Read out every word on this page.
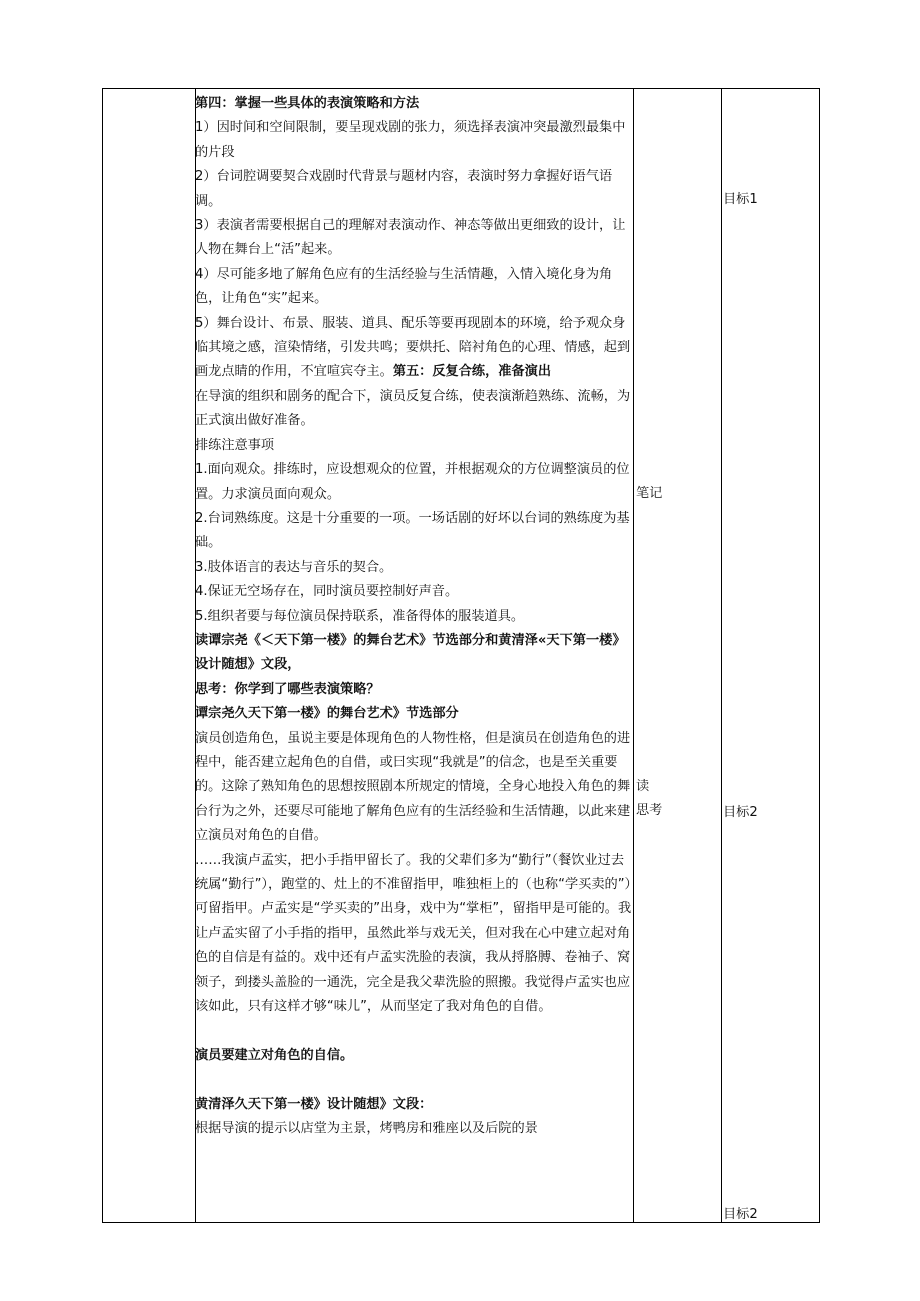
第四：掌握一些具体的表演策略和方法

1）因时间和空间限制，要呈现戏剧的张力，须选择表演冲突最激烈最集中的片段

2）台词腔调要契合戏剧时代背景与题材内容，表演时努力拿握好语气语调。

3）表演者需要根据自己的理解对表演动作、神态等做出更细致的设计，让人物在舞台上“活”起来。

4）尽可能多地了解角色应有的生活经验与生活情趣，入情入境化身为角色，让角色“实”起来。

5）舞台设计、布景、服装、道具、配乐等要再现剧本的环境，给予观众身临其境之感，渲染情绪，引发共鸣；要烘托、陪衬角色的心理、情感，起到画龙点睛的作用，不宜喧宾夺主。第五：反复合练，准备演出

在导演的组织和剧务的配合下，演员反复合练，使表演渐趋熟练、流畅，为正式演出做好准备。

排练注意事项

1.面向观众。排练时，应设想观众的位置，并根据观众的方位调整演员的位置。力求演员面向观众。

2.台词熟练度。这是十分重要的一项。一场话剧的好坏以台词的熟练度为基础。

3.肢体语言的表达与音乐的契合。

4.保证无空场存在，同时演员要控制好声音。

5.组织者要与每位演员保持联系，准备得体的服装道具。

读谭宗尧《＜天下第一楼》的舞台艺术》节选部分和黄清泽«天下第一楼》设计随想》文段，

思考：你学到了哪些表演策略？

谭宗尧久天下第一楼》的舞台艺术》节选部分

演员创造角色，虽说主要是体现角色的人物性格，但是演员在创造角色的进程中，能否建立起角色的自借，或曰实现“我就是”的信念，也是至关重要的。这除了熟知角色的思想按照剧本所规定的情境，全身心地投入角色的舞台行为之外，还要尽可能地了解角色应有的生活经验和生活情趣，以此来建立演员对角色的自借。

……我演卢孟实，把小手指甲留长了。我的父辈们多为“勤行”（餐饮业过去统属“勤行”），跑堂的、灶上的不准留指甲，唯独柜上的（也称“学买卖的”）可留指甲。卢孟实是“学买卖的”出身，戏中为“掌柜”，留指甲是可能的。我让卢孟实留了小手指的指甲，虽然此举与戏无关，但对我在心中建立起对角色的自信是有益的。戏中还有卢孟实洗脸的表演，我从捋胳膊、卷袖子、窝领子，到搂头盖脸的一通洗，完全是我父辈洗脸的照搬。我觉得卢孟实也应该如此，只有这样才够“味儿”，从而坚定了我对角色的自借。

演员要建立对角色的自信。

黄清泽久天下第一楼》设计随想》文段：

根据导演的提示以店堂为主景，烤鸭房和雅座以及后院的景

笔记
读
思考
目标1
目标2
目标2
